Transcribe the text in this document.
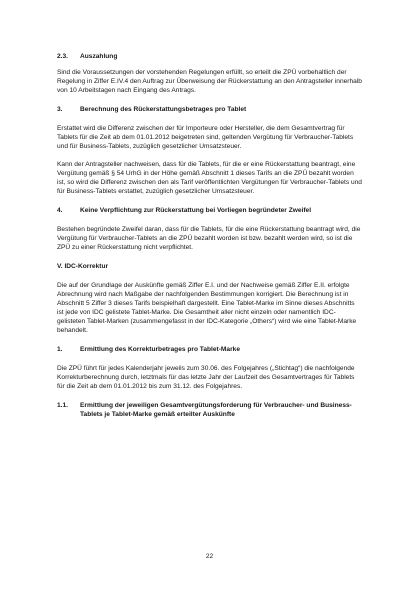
2.3. Auszahlung

Sind die Voraussetzungen der vorstehenden Regelungen erfüllt, so erteilt die ZPÜ vorbehaltlich der Regelung in Ziffer E.IV.4 den Auftrag zur Überweisung der Rückerstattung an den Antragsteller innerhalb von 10 Arbeitstagen nach Eingang des Antrags.

3.	Berechnung des Rückerstattungsbetrages pro Tablet

Erstattet wird die Differenz zwischen der für Importeure oder Hersteller, die dem Gesamtvertrag für Tablets für die Zeit ab dem 01.01.2012 beigetreten sind, geltenden Vergütung für Verbraucher-Tablets und für Business-Tablets, zuzüglich gesetzlicher Umsatzsteuer.

Kann der Antragsteller nachweisen, dass für die Tablets, für die er eine Rückerstattung beantragt, eine Vergütung gemäß § 54 UrhG in der Höhe gemäß Abschnitt 1 dieses Tarifs an die ZPÜ bezahlt worden ist, so wird die Differenz zwischen den als Tarif veröffentlichten Vergütungen für Verbraucher-Tablets und für Business-Tablets erstattet, zuzüglich gesetzlicher Umsatzsteuer.

4.	Keine Verpflichtung zur Rückerstattung bei Vorliegen begründeter Zweifel

Bestehen begründete Zweifel daran, dass für die Tablets, für die eine Rückerstattung beantragt wird, die Vergütung für Verbraucher-Tablets an die ZPÜ bezahlt worden ist bzw. bezahlt werden wird, so ist die ZPÜ zu einer Rückerstattung nicht verpflichtet.

V. IDC-Korrektur

Die auf der Grundlage der Auskünfte gemäß Ziffer E.I. und der Nachweise gemäß Ziffer E.II. erfolgte Abrechnung wird nach Maßgabe der nachfolgenden Bestimmungen korrigiert. Die Berechnung ist in Abschnitt 5 Ziffer 3 dieses Tarifs beispielhaft dargestellt. Eine Tablet-Marke im Sinne dieses Abschnitts ist jede von IDC gelistete Tablet-Marke. Die Gesamtheit aller nicht einzeln oder namentlich IDC-gelisteten Tablet-Marken (zusammengefasst in der IDC-Kategorie „Others“) wird wie eine Tablet-Marke behandelt.

1.	Ermittlung des Korrekturbetrages pro Tablet-Marke

Die ZPÜ führt für jedes Kalenderjahr jeweils zum 30.06. des Folgejahres („Stichtag“) die nachfolgende Korrekturberechnung durch, letztmals für das letzte Jahr der Laufzeit des Gesamtvertrages für Tablets für die Zeit ab dem 01.01.2012 bis zum 31.12. des Folgejahres.

1.1.	Ermittlung der jeweiligen Gesamtvergütungsforderung für Verbraucher- und Business-Tablets je Tablet-Marke gemäß erteilter Auskünfte
22
